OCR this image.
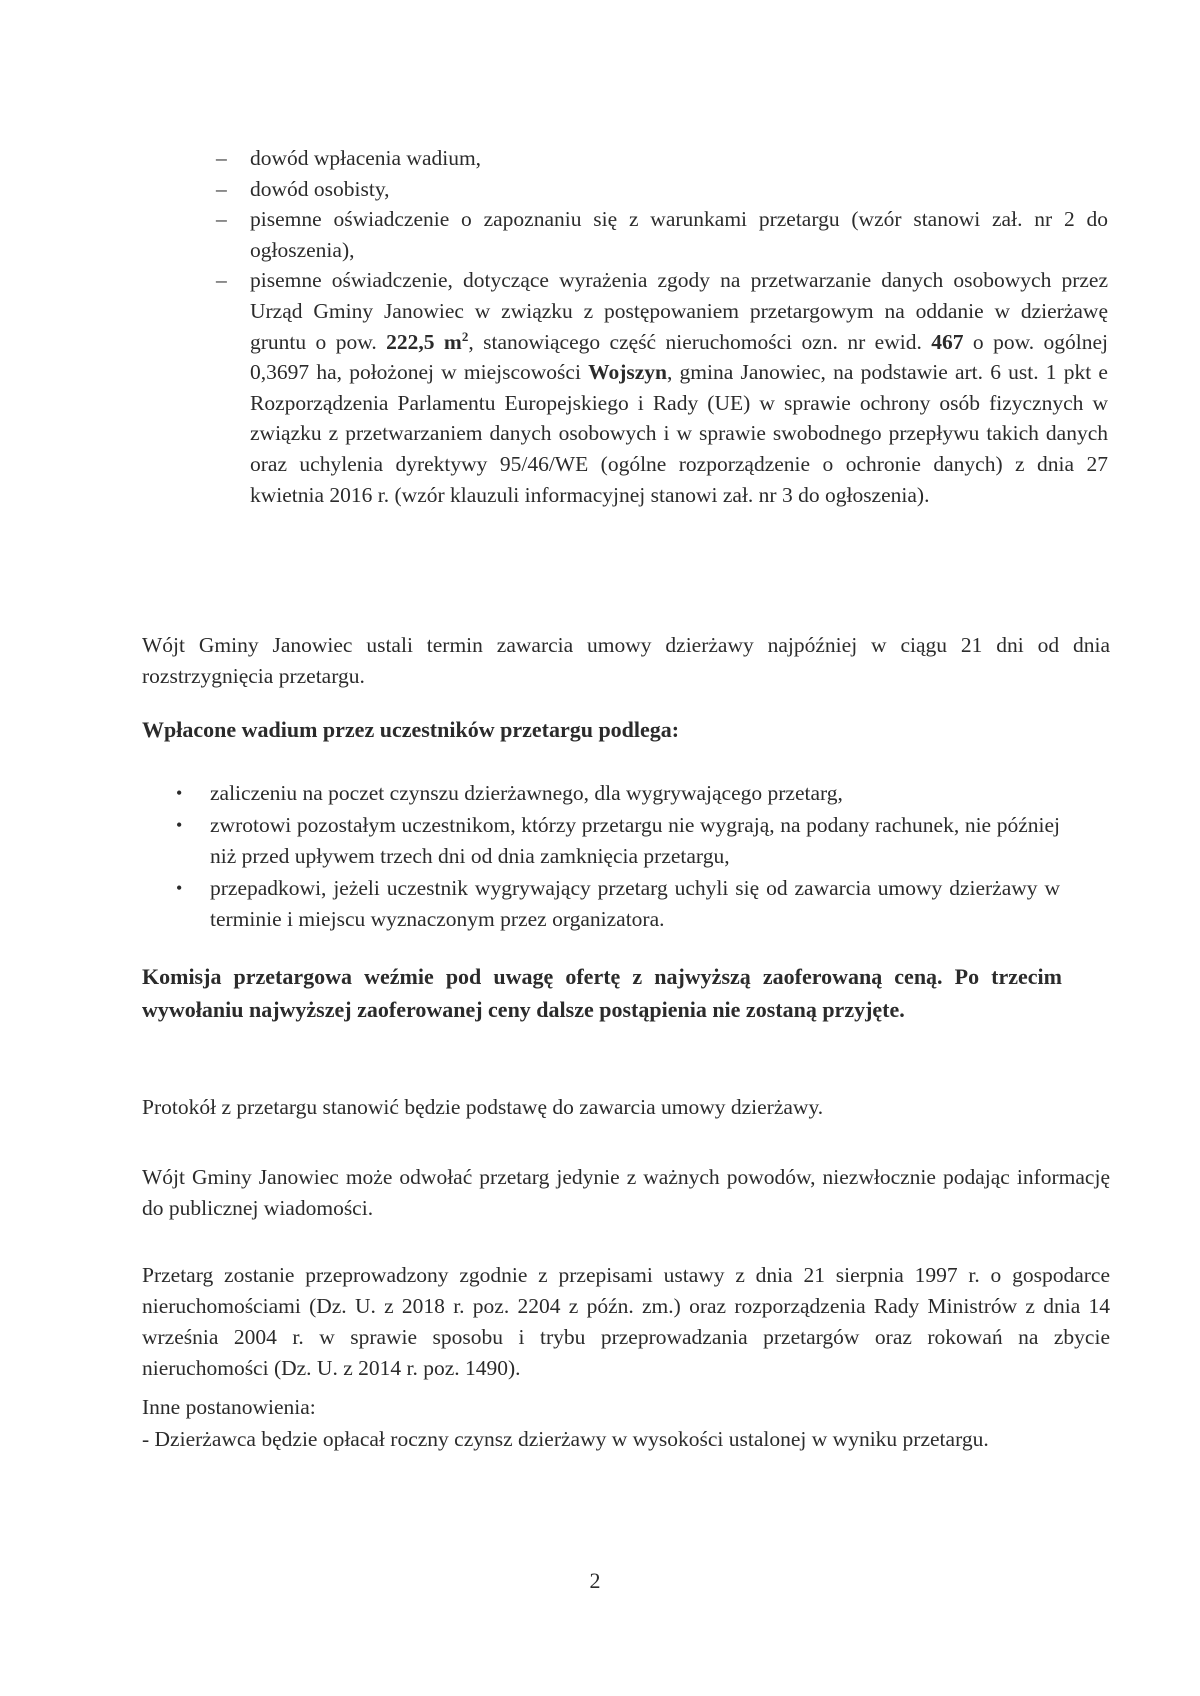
– dowód wpłacenia wadium,
– dowód osobisty,
– pisemne oświadczenie o zapoznaniu się z warunkami przetargu (wzór stanowi zał. nr 2 do ogłoszenia),
– pisemne oświadczenie, dotyczące wyrażenia zgody na przetwarzanie danych osobowych przez Urząd Gminy Janowiec w związku z postępowaniem przetargowym na oddanie w dzierżawę gruntu o pow. 222,5 $m^2$, stanowiącego część nieruchomości ozn. nr ewid. 467 o pow. ogólnej 0,3697 ha, położonej w miejscowości Wojszyn, gmina Janowiec, na podstawie art. 6 ust. 1 pkt e Rozporządzenia Parlamentu Europejskiego i Rady (UE) w sprawie ochrony osób fizycznych w związku z przetwarzaniem danych osobowych i w sprawie swobodnego przepływu takich danych oraz uchylenia dyrektywy 95/46/WE (ogólne rozporządzenie o ochronie danych) z dnia 27 kwietnia 2016 r. (wzór klauzuli informacyjnej stanowi zał. nr 3 do ogłoszenia).
Wójt Gminy Janowiec ustali termin zawarcia umowy dzierżawy najpóźniej w ciągu 21 dni od dnia rozstrzygnięcia przetargu.
Wpłacone wadium przez uczestników przetargu podlega:
• zaliczeniu na poczet czynszu dzierżawnego, dla wygrywającego przetarg,
• zwrotowi pozostałym uczestnikom, którzy przetargu nie wygrają, na podany rachunek, nie później niż przed upływem trzech dni od dnia zamknięcia przetargu,
• przepadkowi, jeżeli uczestnik wygrywający przetarg uchyli się od zawarcia umowy dzierżawy w terminie i miejscu wyznaczonym przez organizatora.
Komisja przetargowa weźmie pod uwagę ofertę z najwyższą zaoferowaną ceną. Po trzecim wywołaniu najwyższej zaoferowanej ceny dalsze postąpienia nie zostaną przyjęte.
Protokół z przetargu stanowić będzie podstawę do zawarcia umowy dzierżawy.
Wójt Gminy Janowiec może odwołać przetarg jedynie z ważnych powodów, niezwłocznie podając informację do publicznej wiadomości.
Przetarg zostanie przeprowadzony zgodnie z przepisami ustawy z dnia 21 sierpnia 1997 r. o gospodarce nieruchomościami (Dz. U. z 2018 r. poz. 2204 z późn. zm.) oraz rozporządzenia Rady Ministrów z dnia 14 września 2004 r. w sprawie sposobu i trybu przeprowadzania przetargów oraz rokowań na zbycie nieruchomości (Dz. U. z 2014 r. poz. 1490).
Inne postanowienia:
- Dzierżawca będzie opłacał roczny czynsz dzierżawy w wysokości ustalonej w wyniku przetargu.
2
